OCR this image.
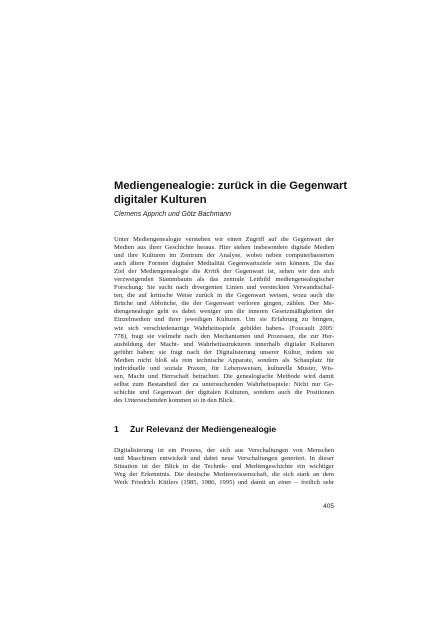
Mediengenealogie: zurück in die Gegenwart
digitaler Kulturen

Clemens Apprich und Götz Bachmann

Unter Mediengenealogie verstehen wir einen Zugriff auf die Gegenwart der
Medien aus ihrer Geschichte heraus. Hier stehen insbesondere digitale Medien
und ihre Kulturen im Zentrum der Analyse, wobei neben computerbasierten
auch ältere Formen digitaler Medialität Gegenwartsziele sein können. Da das
Ziel der Mediengenealogie die Kritik der Gegenwart ist, sehen wir den sich
verzweigenden Stammbaum als das zentrale Leitbild mediengenealogischer
Forschung: Sie sucht nach divergenten Linien und versteckten Verwandtschaf-
ten, die auf kritische Weise zurück in die Gegenwart weisen, wozu auch die
Brüche und Abbrüche, die der Gegenwart verloren gingen, zählen. Der Me-
diengenealogie geht es dabei weniger um die inneren Gesetzmäßigkeiten der
Einzelmedien und ihrer jeweiligen Kulturen. Um sie Erfahrung zu bringen,
wie sich verschiedenartige Wahrheitsspiele gebildet haben« (Foucault 2005:
778), fragt sie vielmehr nach den Mechanismen und Prozessen, die zur Her-
ausbildung der Macht- und Wahrheitsstrukturen innerhalb digitaler Kulturen
geführt haben: sie fragt nach der Digitalisierung unserer Kultur, indem sie
Medien nicht bloß als rein technische Apparate, sondern als Schauplatz für
individuelle und soziale Praxen, für Lebensweisen, kulturelle Muster, Wis-
sen, Macht und Herrschaft betrachtet. Die genealogische Methode wird damit
selbst zum Bestandteil der zu untersuchenden Wahrheitsspiele: Nicht nur Ge-
schichte und Gegenwart der digitalen Kulturen, sondern auch die Positionen
des Untersuchenden kommen so in den Blick.
1	Zur Relevanz der Mediengenealogie
Digitalisierung ist ein Prozess, der sich aus Verschaltungen von Menschen
und Maschinen entwickelt und dabei neue Verschaltungen generiert. In dieser
Situation ist der Blick in die Technik- und Mediengeschichte ein wichtiger
Weg der Erkenntnis. Die deutsche Medienwissenschaft, die sich stark an dem
Werk Friedrich Kittlers (1985, 1986, 1995) und damit an einer – freilich sehr
405
